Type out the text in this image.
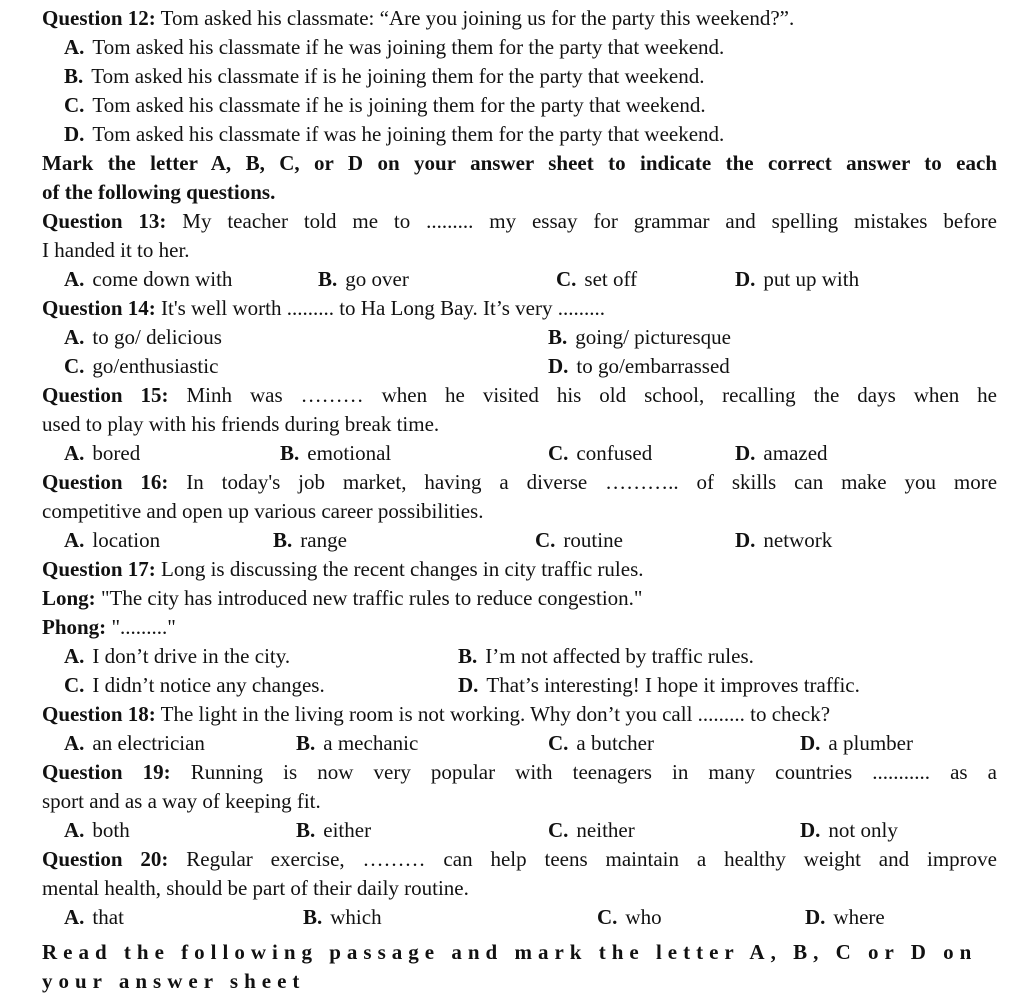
Question 12: Tom asked his classmate: “Are you joining us for the party this weekend?”.
A. Tom asked his classmate if he was joining them for the party that weekend.
B. Tom asked his classmate if is he joining them for the party that weekend.
C. Tom asked his classmate if he is joining them for the party that weekend.
D. Tom asked his classmate if was he joining them for the party that weekend.
Mark the letter A, B, C, or D on your answer sheet to indicate the correct answer to each
of the following questions.
Question 13: My teacher told me to ......... my essay for grammar and spelling mistakes before
I handed it to her.
A. come down with	B. go over	C. set off	D. put up with
Question 14: It's well worth ......... to Ha Long Bay. It’s very .........
A. to go/ delicious	B. going/ picturesque
C. go/enthusiastic	D. to go/embarrassed
Question 15: Minh was ……… when he visited his old school, recalling the days when he
used to play with his friends during break time.
A. bored	B. emotional	C. confused	D. amazed
Question 16: In today's job market, having a diverse ……….. of skills can make you more
competitive and open up various career possibilities.
A. location	B. range	C. routine	D. network
Question 17: Long is discussing the recent changes in city traffic rules.
Long: "The city has introduced new traffic rules to reduce congestion."
Phong: "........."
A. I don’t drive in the city.	B. I’m not affected by traffic rules.
C. I didn’t notice any changes.	D. That’s interesting! I hope it improves traffic.
Question 18: The light in the living room is not working. Why don’t you call ......... to check?
A. an electrician	B. a mechanic	C. a butcher	D. a plumber
Question 19: Running is now very popular with teenagers in many countries ........... as a
sport and as a way of keeping fit.
A. both	B. either	C. neither	D. not only
Question 20: Regular exercise, ……… can help teens maintain a healthy weight and improve
mental health, should be part of their daily routine.
A. that	B. which	C. who	D. where
Read the following passage and mark the letter A, B, C or D on your answer sheet
